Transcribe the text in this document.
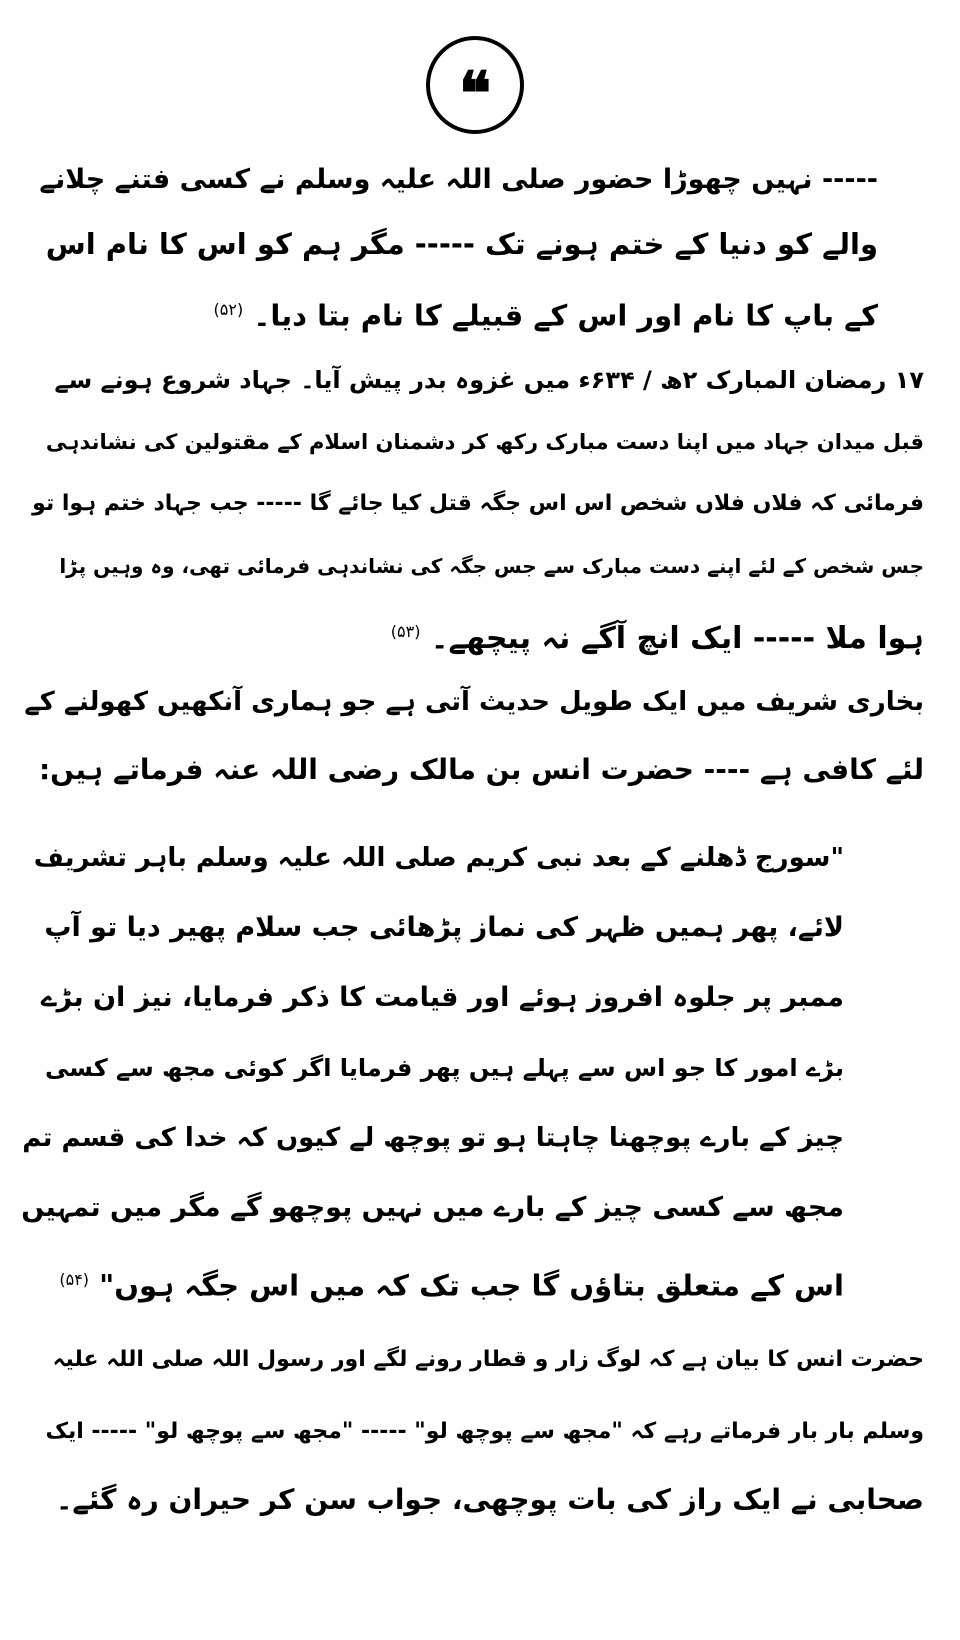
❝
----- نہیں چھوڑا حضور صلی اللہ علیہ وسلم نے کسی فتنے چلانے
والے کو دنیا کے ختم ہونے تک ----- مگر ہم کو اس کا نام اس
کے باپ کا نام اور اس کے قبیلے کا نام بتا دیا۔ $^{(۵۲)}$
۱۷ رمضان المبارک ۲ھ / ۶۳۴ء میں غزوہ بدر پیش آیا۔ جہاد شروع ہونے سے
قبل میدان جہاد میں اپنا دست مبارک رکھ کر دشمنان اسلام کے مقتولین کی نشاندہی
فرمائی کہ فلاں فلاں شخص اس اس جگہ قتل کیا جائے گا ----- جب جہاد ختم ہوا تو
جس شخص کے لئے اپنے دست مبارک سے جس جگہ کی نشاندہی فرمائی تھی، وہ وہیں پڑا
ہوا ملا ----- ایک انچ آگے نہ پیچھے۔ $^{(۵۳)}$
بخاری شریف میں ایک طویل حدیث آتی ہے جو ہماری آنکھیں کھولنے کے
لئے کافی ہے ---- حضرت انس بن مالک رضی اللہ عنہ فرماتے ہیں:
"سورج ڈھلنے کے بعد نبی کریم صلی اللہ علیہ وسلم باہر تشریف
لائے، پھر ہمیں ظہر کی نماز پڑھائی جب سلام پھیر دیا تو آپ
ممبر پر جلوہ افروز ہوئے اور قیامت کا ذکر فرمایا، نیز ان بڑے
بڑے امور کا جو اس سے پہلے ہیں پھر فرمایا اگر کوئی مجھ سے کسی
چیز کے بارے پوچھنا چاہتا ہو تو پوچھ لے کیوں کہ خدا کی قسم تم
مجھ سے کسی چیز کے بارے میں نہیں پوچھو گے مگر میں تمہیں
اس کے متعلق بتاؤں گا جب تک کہ میں اس جگہ ہوں" $^{(۵۴)}$
حضرت انس کا بیان ہے کہ لوگ زار و قطار رونے لگے اور رسول اللہ صلی اللہ علیہ
وسلم بار بار فرماتے رہے کہ "مجھ سے پوچھ لو" ----- "مجھ سے پوچھ لو" ----- ایک
صحابی نے ایک راز کی بات پوچھی، جواب سن کر حیران رہ گئے۔
